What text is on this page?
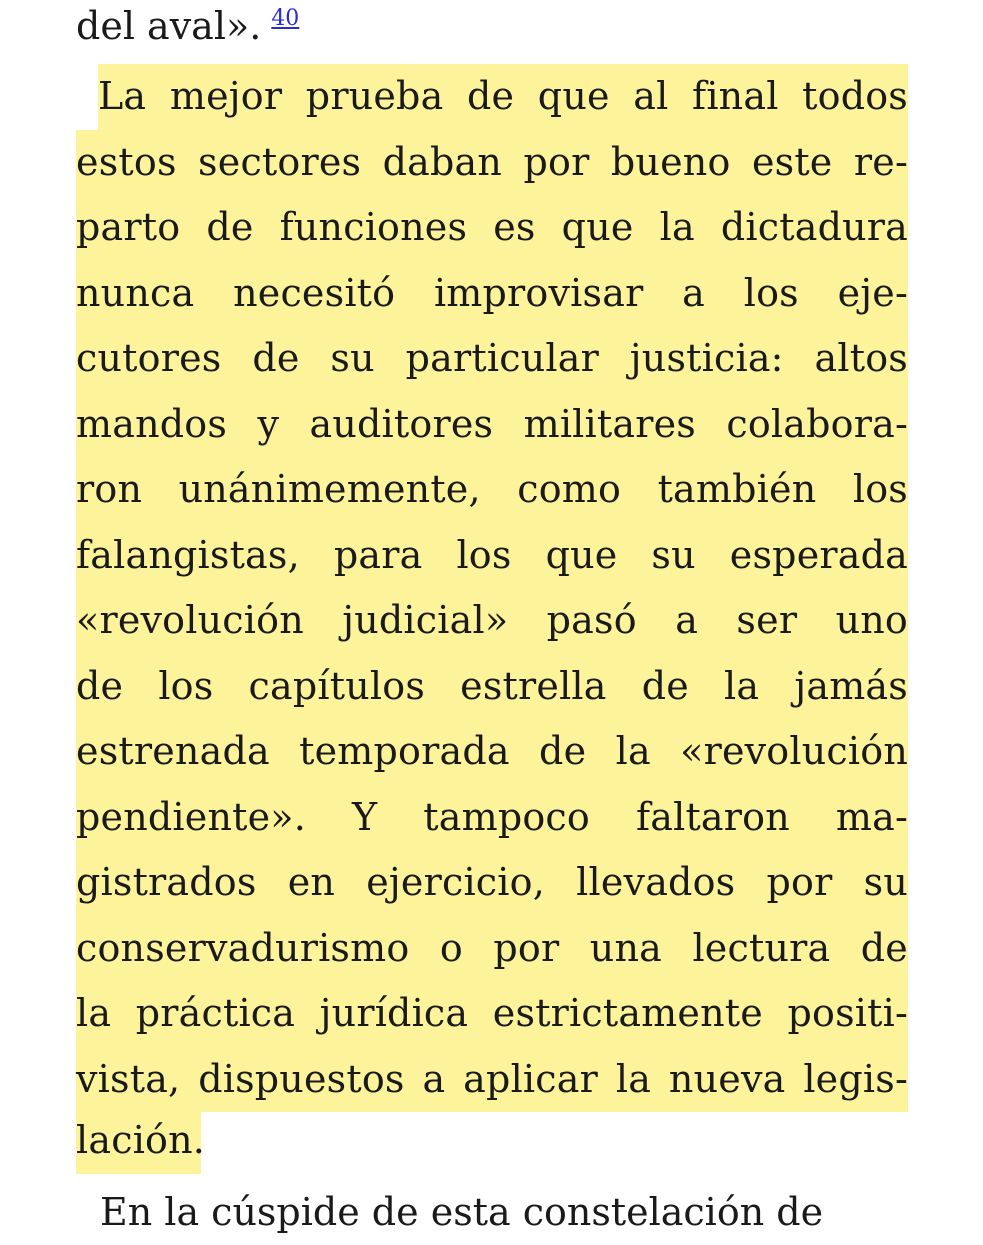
del aval». $^{40}$
La mejor prueba de que al final todos
estos sectores daban por bueno este re-
parto de funciones es que la dictadura
nunca necesitó improvisar a los eje-
cutores de su particular justicia: altos
mandos y auditores militares colabora-
ron unánimemente, como también los
falangistas, para los que su esperada
«revolución judicial» pasó a ser uno
de los capítulos estrella de la jamás
estrenada temporada de la «revolución
pendiente». Y tampoco faltaron ma-
gistrados en ejercicio, llevados por su
conservadurismo o por una lectura de
la práctica jurídica estrictamente positi-
vista, dispuestos a aplicar la nueva legis-
lación.
En la cúspide de esta constelación de
